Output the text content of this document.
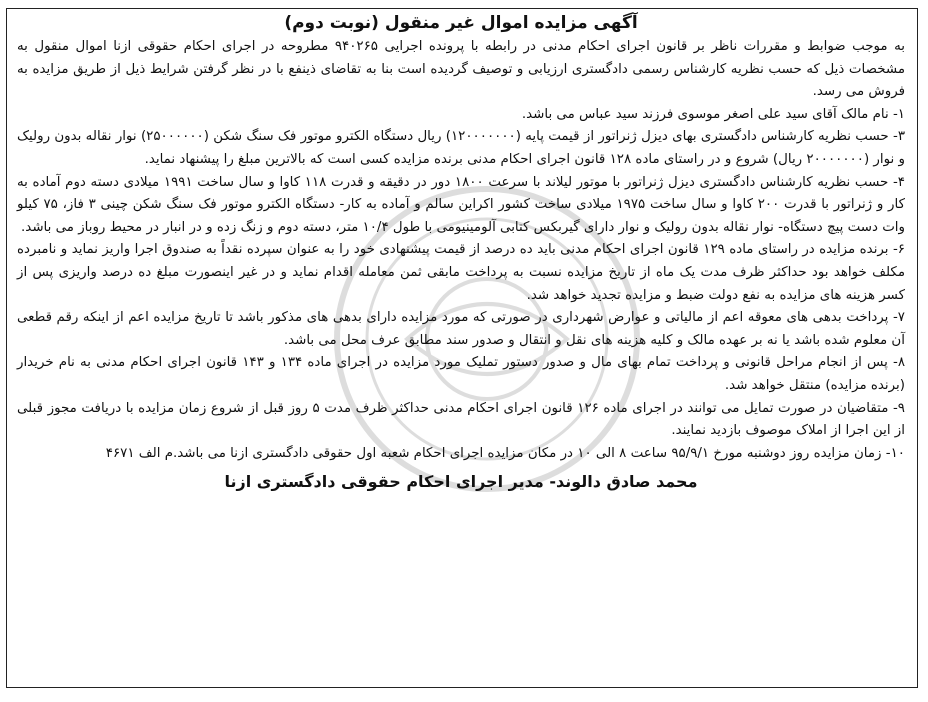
آگهی مزایده اموال غیر منقول (نوبت دوم)

به موجب ضوابط و مقررات ناظر بر قانون اجرای احکام مدنی در رابطه با پرونده اجرایی ۹۴۰۲۶۵ مطروحه در اجرای احکام حقوقی ازنا اموال منقول به مشخصات ذیل که حسب نظریه کارشناس رسمی دادگستری ارزیابی و توصیف گردیده است بنا به تقاضای ذینفع با در نظر گرفتن شرایط ذیل از طریق مزایده به فروش می رسد.

۱- نام مالک آقای سید علی اصغر موسوی فرزند سید عباس می باشد.

۳- حسب نظریه کارشناس دادگستری بهای دیزل ژنراتور از قیمت پایه (۱۲۰۰۰۰۰۰۰) ریال دستگاه الکترو موتور فک سنگ شکن (۲۵۰۰۰۰۰۰) نوار نقاله بدون رولیک و نوار (۲۰۰۰۰۰۰۰ ریال) شروع و در راستای ماده ۱۲۸ قانون اجرای احکام مدنی برنده مزایده کسی است که بالاترین مبلغ را پیشنهاد نماید.

۴- حسب نظریه کارشناس دادگستری دیزل ژنراتور با موتور لیلاند با سرعت ۱۸۰۰ دور در دقیقه و قدرت ۱۱۸ کاوا و سال ساخت ۱۹۹۱ میلادی دسته دوم آماده به کار و ژنراتور با قدرت ۲۰۰ کاوا و سال ساخت ۱۹۷۵ میلادی ساخت کشور اکراین سالم و آماده به کار- دستگاه الکترو موتور فک سنگ شکن چینی ۳ فاز، ۷۵ کیلو وات دست پیچ دستگاه- نوار نقاله بدون رولیک و نوار دارای گیربکس کتابی آلومینیومی با طول ۱۰/۴ متر، دسته دوم و زنگ زده و در انبار در محیط روباز می باشد.

۶- برنده مزایده در راستای ماده ۱۲۹ قانون اجرای احکام مدنی باید ده درصد از قیمت پیشنهادی خود را به عنوان سپرده نقداً به صندوق اجرا واریز نماید و نامبرده مکلف خواهد بود حداکثر ظرف مدت یک ماه از تاریخ مزایده نسبت به پرداخت مابقی ثمن معامله اقدام نماید و در غیر اینصورت مبلغ ده درصد واریزی پس از کسر هزینه های مزایده به نفع دولت ضبط و مزایده تجدید خواهد شد.

۷- پرداخت بدهی های معوقه اعم از مالیاتی و عوارض شهرداری در صورتی که مورد مزایده دارای بدهی های مذکور باشد تا تاریخ مزایده اعم از اینکه رقم قطعی آن معلوم شده باشد یا نه بر عهده مالک و کلیه هزینه های نقل و انتقال و صدور سند مطابق عرف محل می باشد.

۸- پس از انجام مراحل قانونی و پرداخت تمام بهای مال و صدور دستور تملیک مورد مزایده در اجرای ماده ۱۳۴ و ۱۴۳ قانون اجرای احکام مدنی به نام خریدار (برنده مزایده) منتقل خواهد شد.

۹- متقاضیان در صورت تمایل می توانند در اجرای ماده ۱۲۶ قانون اجرای احکام مدنی حداکثر ظرف مدت ۵ روز قبل از شروع زمان مزایده با دریافت مجوز قبلی از این اجرا از املاک موصوف بازدید نمایند.

۱۰- زمان مزایده روز دوشنبه مورخ ۹۵/۹/۱ ساعت ۸ الی ۱۰ در مکان مزایده اجرای احکام شعبه اول حقوقی دادگستری ازنا می باشد.م الف ۴۶۷۱

محمد صادق دالوند- مدیر اجرای احکام حقوقی دادگستری ازنا
